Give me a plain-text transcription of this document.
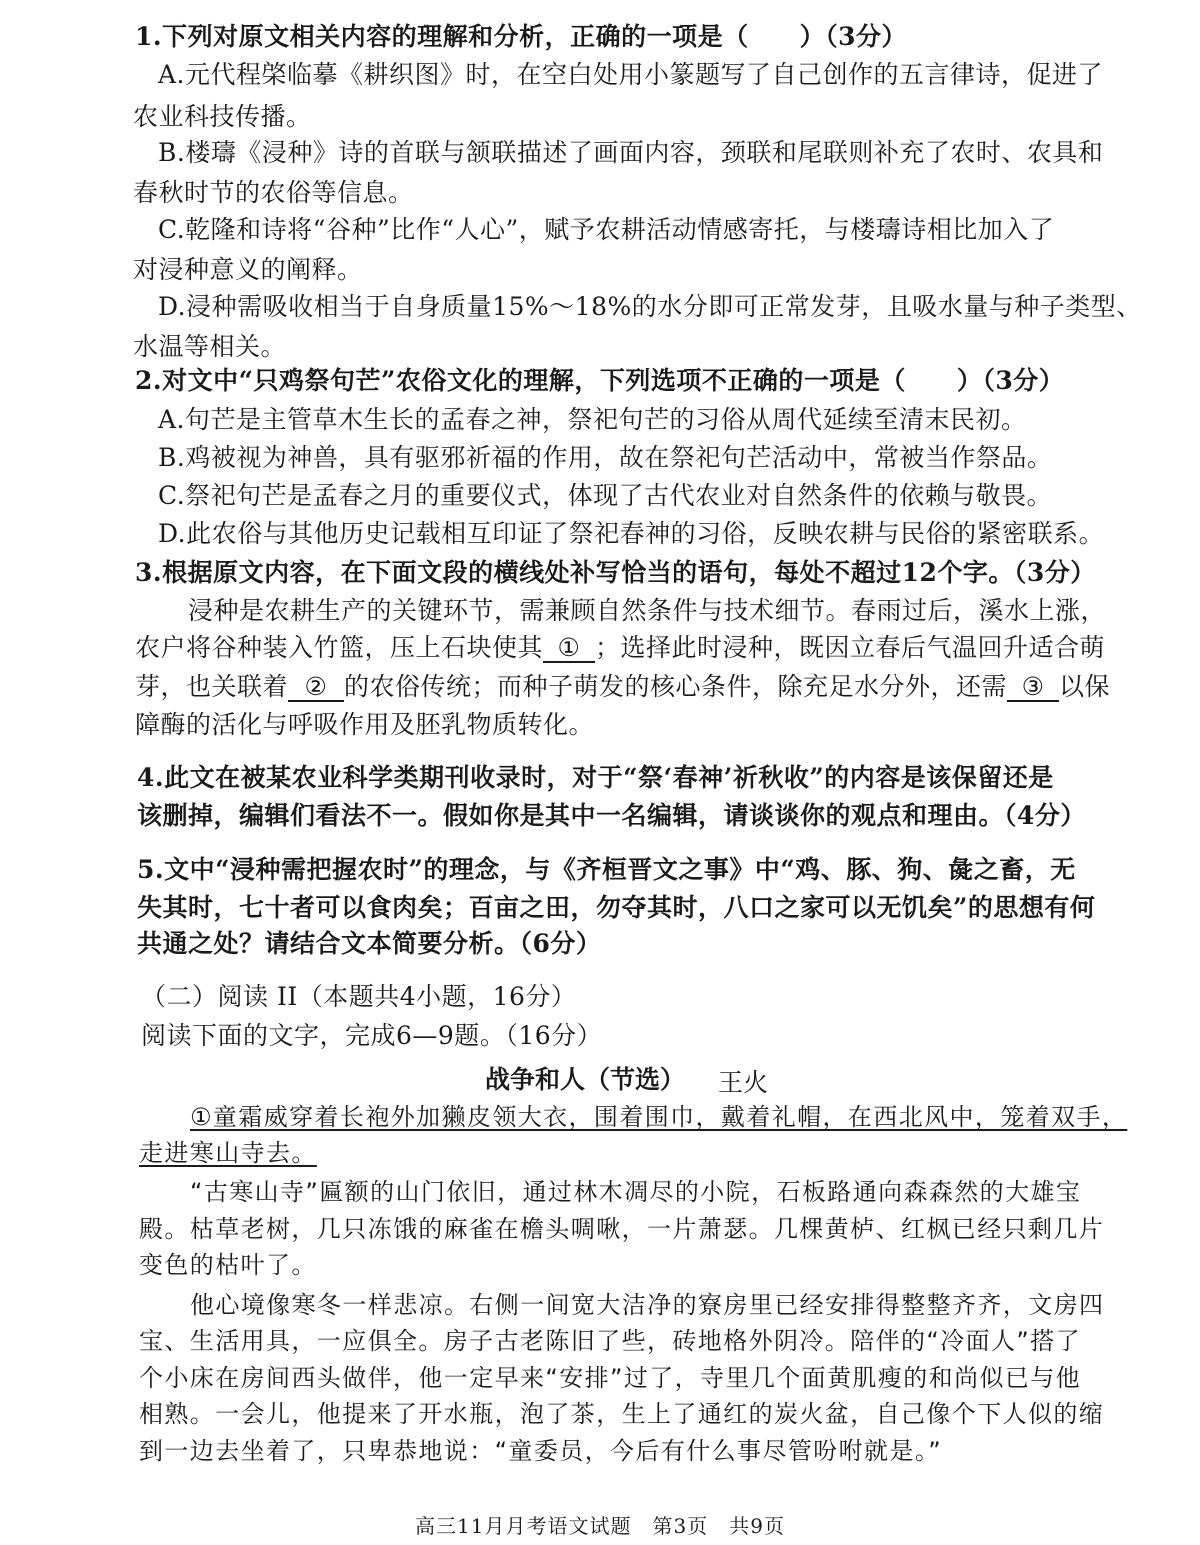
1.下列对原文相关内容的理解和分析，正确的一项是（　　）（3分）
A.元代程棨临摹《耕织图》时，在空白处用小篆题写了自己创作的五言律诗，促进了
农业科技传播。
B.楼璹《浸种》诗的首联与颔联描述了画面内容，颈联和尾联则补充了农时、农具和
春秋时节的农俗等信息。
C.乾隆和诗将“谷种”比作“人心”，赋予农耕活动情感寄托，与楼璹诗相比加入了
对浸种意义的阐释。
D.浸种需吸收相当于自身质量15%～18%的水分即可正常发芽，且吸水量与种子类型、
水温等相关。
2.对文中“只鸡祭句芒”农俗文化的理解，下列选项不正确的一项是（　　）（3分）
A.句芒是主管草木生长的孟春之神，祭祀句芒的习俗从周代延续至清末民初。
B.鸡被视为神兽，具有驱邪祈福的作用，故在祭祀句芒活动中，常被当作祭品。
C.祭祀句芒是孟春之月的重要仪式，体现了古代农业对自然条件的依赖与敬畏。
D.此农俗与其他历史记载相互印证了祭祀春神的习俗，反映农耕与民俗的紧密联系。
3.根据原文内容，在下面文段的横线处补写恰当的语句，每处不超过12个字。（3分）
浸种是农耕生产的关键环节，需兼顾自然条件与技术细节。春雨过后，溪水上涨，
农户将谷种装入竹篮，压上石块使其 ① ；选择此时浸种，既因立春后气温回升适合萌
芽，也关联着 ② 的农俗传统；而种子萌发的核心条件，除充足水分外，还需 ③ 以保
障酶的活化与呼吸作用及胚乳物质转化。
4.此文在被某农业科学类期刊收录时，对于“祭‘春神’祈秋收”的内容是该保留还是
该删掉，编辑们看法不一。假如你是其中一名编辑，请谈谈你的观点和理由。（4分）
5.文中“浸种需把握农时”的理念，与《齐桓晋文之事》中“鸡、豚、狗、彘之畜，无
失其时，七十者可以食肉矣；百亩之田，勿夺其时，八口之家可以无饥矣”的思想有何
共通之处？请结合文本简要分析。（6分）
（二）阅读 II（本题共4小题，16分）
阅读下面的文字，完成6—9题。（16分）
战争和人（节选） 王火
①童霜威穿着长袍外加獭皮领大衣，围着围巾，戴着礼帽，在西北风中，笼着双手，
走进寒山寺去。
“古寒山寺”匾额的山门依旧，通过林木凋尽的小院，石板路通向森森然的大雄宝
殿。枯草老树，几只冻饿的麻雀在檐头啁啾，一片萧瑟。几棵黄栌、红枫已经只剩几片
变色的枯叶了。
他心境像寒冬一样悲凉。右侧一间宽大洁净的寮房里已经安排得整整齐齐，文房四
宝、生活用具，一应俱全。房子古老陈旧了些，砖地格外阴冷。陪伴的“冷面人”搭了
个小床在房间西头做伴，他一定早来“安排”过了，寺里几个面黄肌瘦的和尚似已与他
相熟。一会儿，他提来了开水瓶，泡了茶，生上了通红的炭火盆，自己像个下人似的缩
到一边去坐着了，只卑恭地说：“童委员，今后有什么事尽管吩咐就是。”
高三11月月考语文试题　第3页　共9页
